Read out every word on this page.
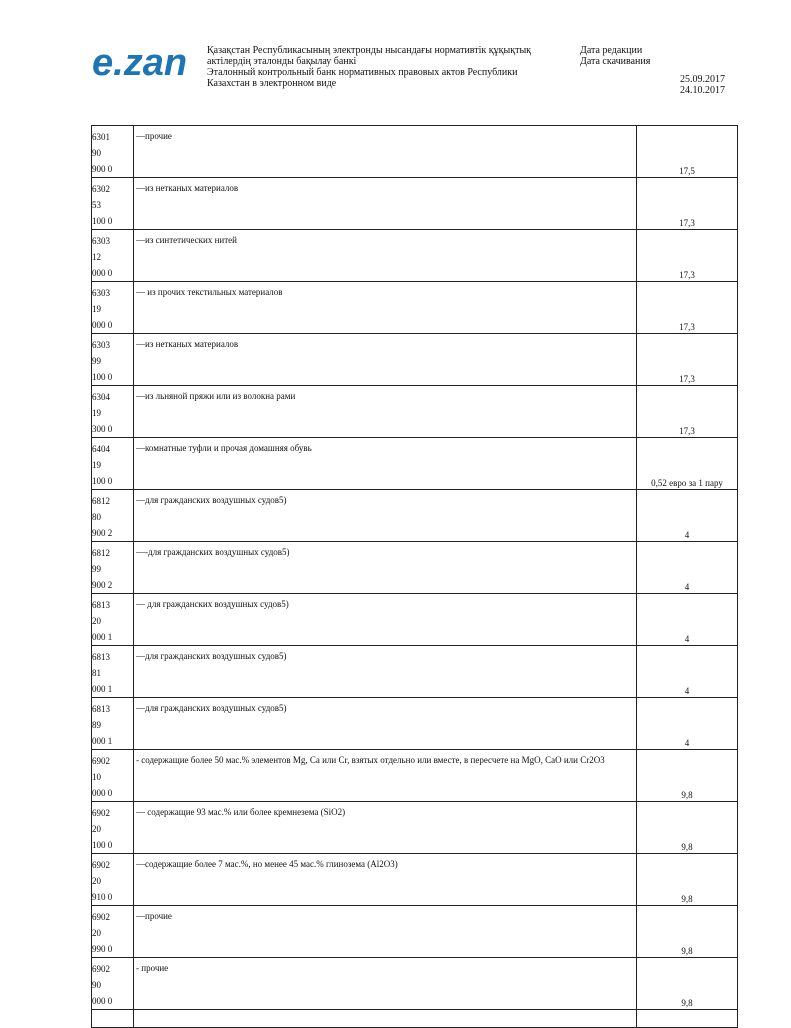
e.zan Қазақстан Республикасының электронды нысандағы нормативтік құқықтық
актілердің эталонды бақылау банкі
Эталонный контрольный банк нормативных правовых актов Республики
Казахстан в электронном виде
Дата редакции
Дата скачивания
25.09.2017
24.10.2017
6301
90
900 0	—прочие	17,5

6302
53
100 0	—из нетканых материалов	17,3

6303
12
000 0	—из синтетических нитей	17,3

6303
19
000 0	— из прочих текстильных материалов	17,3

6303
99
100 0	—из нетканых материалов	17,3

6304
19
300 0	—из льняной пряжи или из волокна рами	17,3

6404
19
100 0	—комнатные туфли и прочая домашняя обувь	0,52 евро за 1 пару

6812
80
900 2	—для гражданских воздушных судов5)	4

6812
99
900 2	—-для гражданских воздушных судов5)	4

6813
20
000 1	— для гражданских воздушных судов5)	4

6813
81
000 1	—для гражданских воздушных судов5)	4

6813
89
000 1	—для гражданских воздушных судов5)	4

6902
10
000 0	- содержащие более 50 мас.% элементов Mg, Ca или Cr, взятых отдельно или вместе, в пересчете на MgO, CaO или Cr2O3	9,8

6902
20
100 0	— содержащие 93 мас.% или более кремнезема (SiO2)	9,8

6902
20
910 0	—содержащие более 7 мас.%, но менее 45 мас.% глинозема (Al2O3)	9,8

6902
20
990 0	—прочие	9,8

6902
90
000 0	- прочие	9,8
